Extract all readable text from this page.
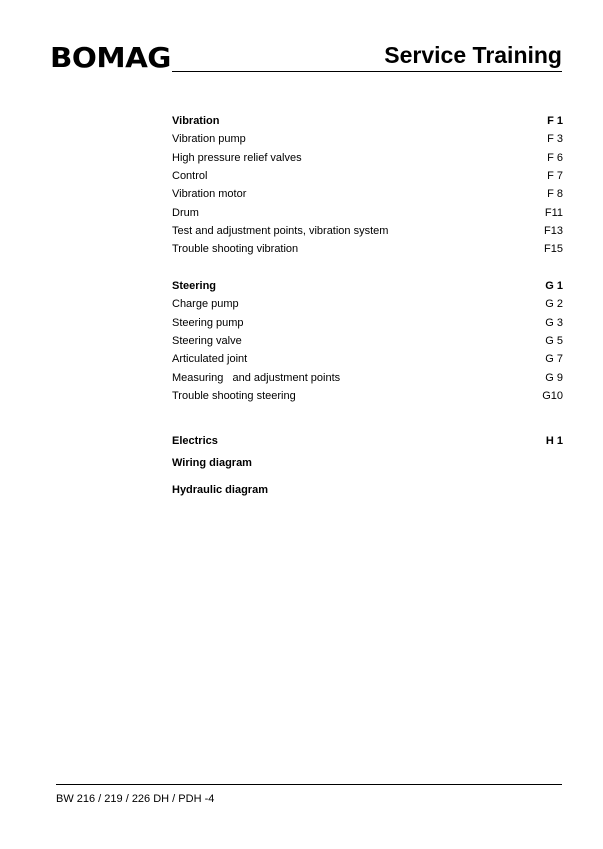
BOMAG	Service Training
Vibration	F 1
Vibration pump	F 3
High pressure relief valves	F 6
Control	F 7
Vibration motor	F 8
Drum	F11
Test and adjustment points, vibration system	F13
Trouble shooting vibration	F15
Steering	G 1
Charge pump	G 2
Steering pump	G 3
Steering valve	G 5
Articulated joint	G 7
Measuring   and adjustment points	G 9
Trouble shooting steering	G10
Electrics	H 1
Wiring diagram
Hydraulic diagram
BW 216 / 219 / 226 DH / PDH -4
